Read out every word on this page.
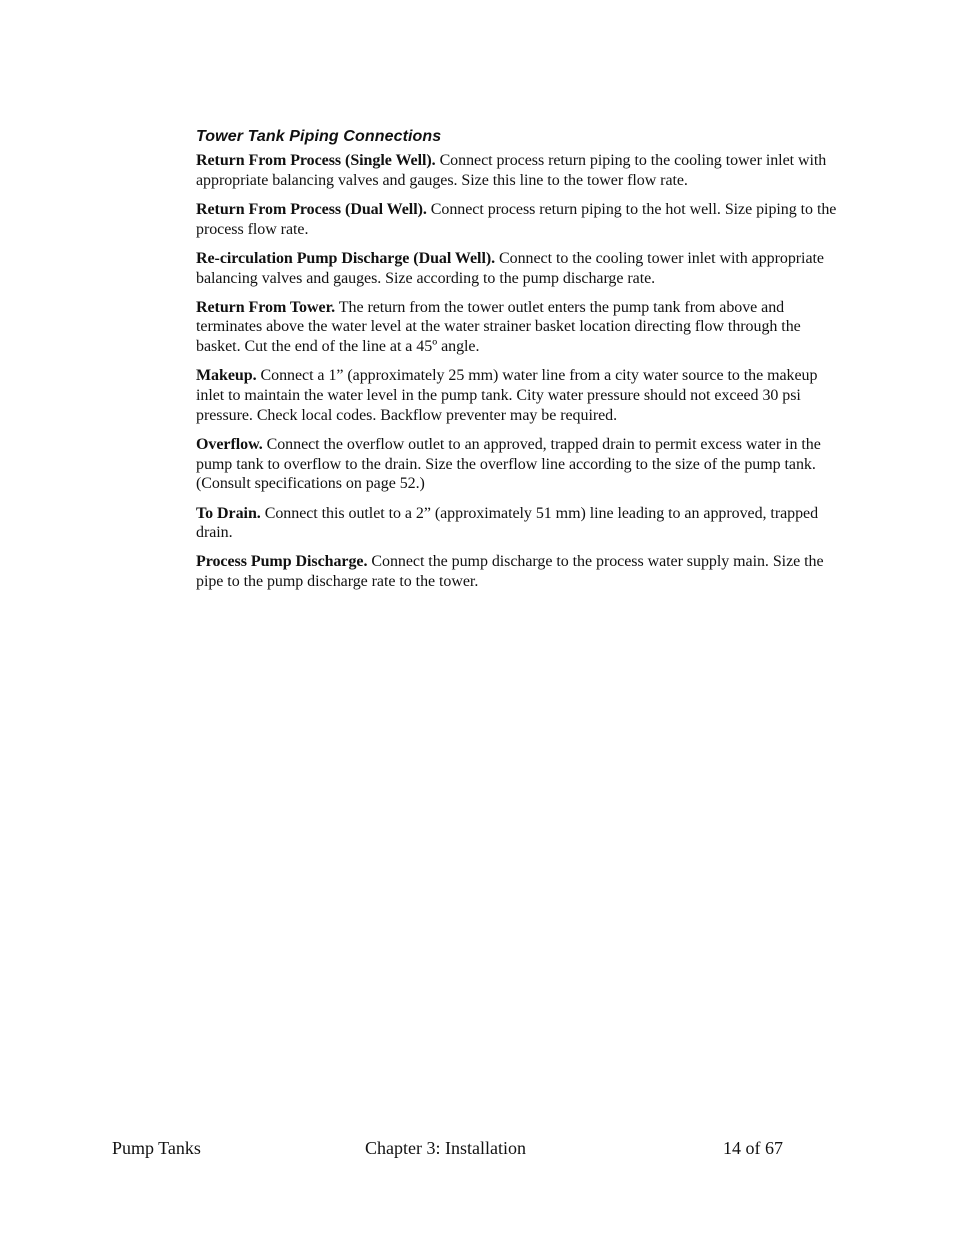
Tower Tank Piping Connections

Return From Process (Single Well). Connect process return piping to the cooling tower inlet with appropriate balancing valves and gauges. Size this line to the tower flow rate.

Return From Process (Dual Well). Connect process return piping to the hot well. Size piping to the process flow rate.

Re-circulation Pump Discharge (Dual Well). Connect to the cooling tower inlet with appropriate balancing valves and gauges. Size according to the pump discharge rate.

Return From Tower. The return from the tower outlet enters the pump tank from above and terminates above the water level at the water strainer basket location directing flow through the basket. Cut the end of the line at a 45º angle.

Makeup. Connect a 1” (approximately 25 mm) water line from a city water source to the makeup inlet to maintain the water level in the pump tank. City water pressure should not exceed 30 psi pressure. Check local codes. Backflow preventer may be required.

Overflow. Connect the overflow outlet to an approved, trapped drain to permit excess water in the pump tank to overflow to the drain. Size the overflow line according to the size of the pump tank. (Consult specifications on page 52.)

To Drain. Connect this outlet to a 2” (approximately 51 mm) line leading to an approved, trapped drain.

Process Pump Discharge. Connect the pump discharge to the process water supply main. Size the pipe to the pump discharge rate to the tower.

Pump Tanks	Chapter 3: Installation	14 of 67
